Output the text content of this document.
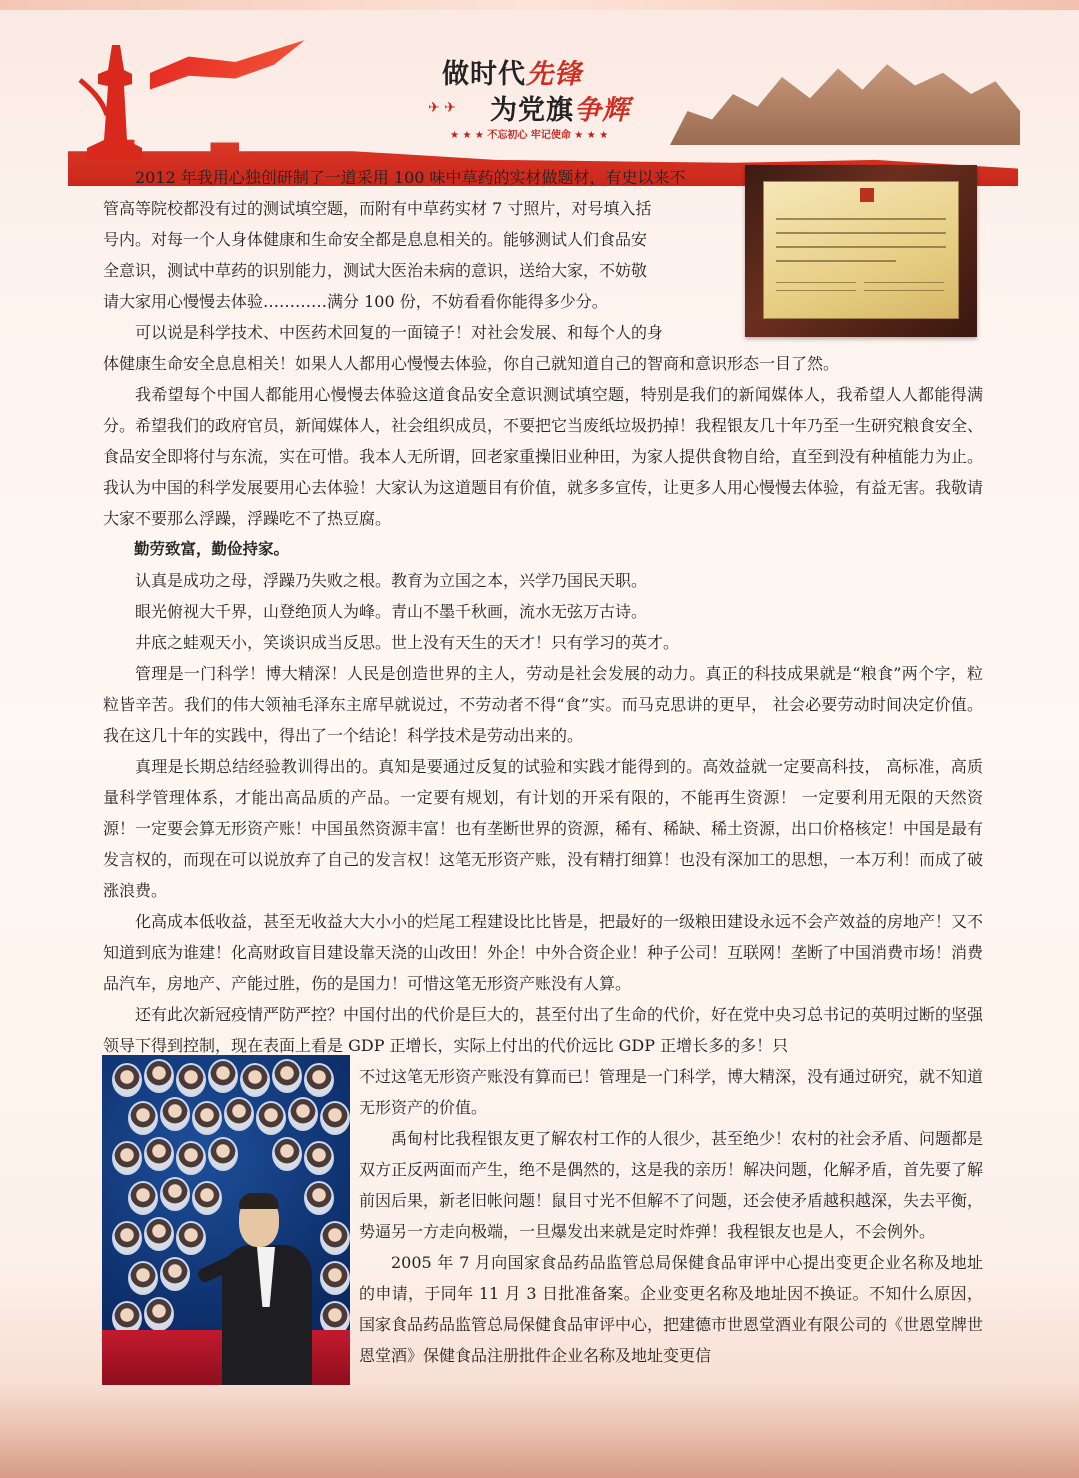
做时代先锋
✈ ✈ 为党旗争辉
★ ★ ★ 不忘初心 牢记使命 ★ ★ ★

2012 年我用心独创研制了一道采用 100 味中草药的实材做题材，有史以来不

管高等院校都没有过的测试填空题，而附有中草药实材 7 寸照片，对号填入括

号内。对每一个人身体健康和生命安全都是息息相关的。能够测试人们食品安

全意识，测试中草药的识别能力，测试大医治未病的意识，送给大家，不妨敬

请大家用心慢慢去体验…………满分 100 份，不妨看看你能得多少分。

可以说是科学技术、中医药术回复的一面镜子！对社会发展、和每个人的身

体健康生命安全息息相关！如果人人都用心慢慢去体验，你自己就知道自己的智商和意识形态一目了然。

我希望每个中国人都能用心慢慢去体验这道食品安全意识测试填空题，特别是我们的新闻媒体人，我希望人人都能得满分。希望我们的政府官员，新闻媒体人，社会组织成员，不要把它当废纸垃圾扔掉！我程银友几十年乃至一生研究粮食安全、食品安全即将付与东流，实在可惜。我本人无所谓，回老家重操旧业种田，为家人提供食物自给，直至到没有种植能力为止。我认为中国的科学发展要用心去体验！大家认为这道题目有价值，就多多宣传，让更多人用心慢慢去体验，有益无害。我敬请大家不要那么浮躁，浮躁吃不了热豆腐。

勤劳致富，勤俭持家。

认真是成功之母，浮躁乃失败之根。教育为立国之本，兴学乃国民天职。

眼光俯视大千界，山登绝顶人为峰。青山不墨千秋画，流水无弦万古诗。

井底之蛙观天小，笑谈识成当反思。世上没有天生的天才！只有学习的英才。

管理是一门科学！博大精深！人民是创造世界的主人，劳动是社会发展的动力。真正的科技成果就是“粮食”两个字，粒粒皆辛苦。我们的伟大领袖毛泽东主席早就说过，不劳动者不得“食”实。而马克思讲的更早， 社会必要劳动时间决定价值。我在这几十年的实践中，得出了一个结论！科学技术是劳动出来的。

真理是长期总结经验教训得出的。真知是要通过反复的试验和实践才能得到的。高效益就一定要高科技， 高标准，高质量科学管理体系，才能出高品质的产品。一定要有规划，有计划的开采有限的，不能再生资源！ 一定要利用无限的天然资源！一定要会算无形资产账！中国虽然资源丰富！也有垄断世界的资源，稀有、稀缺、稀土资源，出口价格核定！中国是最有发言权的，而现在可以说放弃了自己的发言权！这笔无形资产账，没有精打细算！也没有深加工的思想，一本万利！而成了破涨浪费。

化高成本低收益，甚至无收益大大小小的烂尾工程建设比比皆是，把最好的一级粮田建设永远不会产效益的房地产！又不知道到底为谁建！化高财政盲目建设靠天浇的山改田！外企！中外合资企业！种子公司！互联网！垄断了中国消费市场！消费品汽车，房地产、产能过胜，伤的是国力！可惜这笔无形资产账没有人算。

还有此次新冠疫情严防严控？中国付出的代价是巨大的，甚至付出了生命的代价，好在党中央习总书记的英明过断的坚强领导下得到控制，现在表面上看是 GDP 正增长，实际上付出的代价远比 GDP 正增长多的多！只

不过这笔无形资产账没有算而已！管理是一门科学，博大精深，没有通过研究，就不知道无形资产的价值。

禹甸村比我程银友更了解农村工作的人很少，甚至绝少！农村的社会矛盾、问题都是双方正反两面而产生，绝不是偶然的，这是我的亲历！解决问题，化解矛盾，首先要了解前因后果，新老旧帐问题！鼠目寸光不但解不了问题，还会使矛盾越积越深，失去平衡，势逼另一方走向极端，一旦爆发出来就是定时炸弹！我程银友也是人，不会例外。

2005 年 7 月向国家食品药品监管总局保健食品审评中心提出变更企业名称及地址的申请，于同年 11 月 3 日批准备案。企业变更名称及地址因不换证。不知什么原因，国家食品药品监管总局保健食品审评中心，把建德市世恩堂酒业有限公司的《世恩堂牌世恩堂酒》保健食品注册批件企业名称及地址变更信
